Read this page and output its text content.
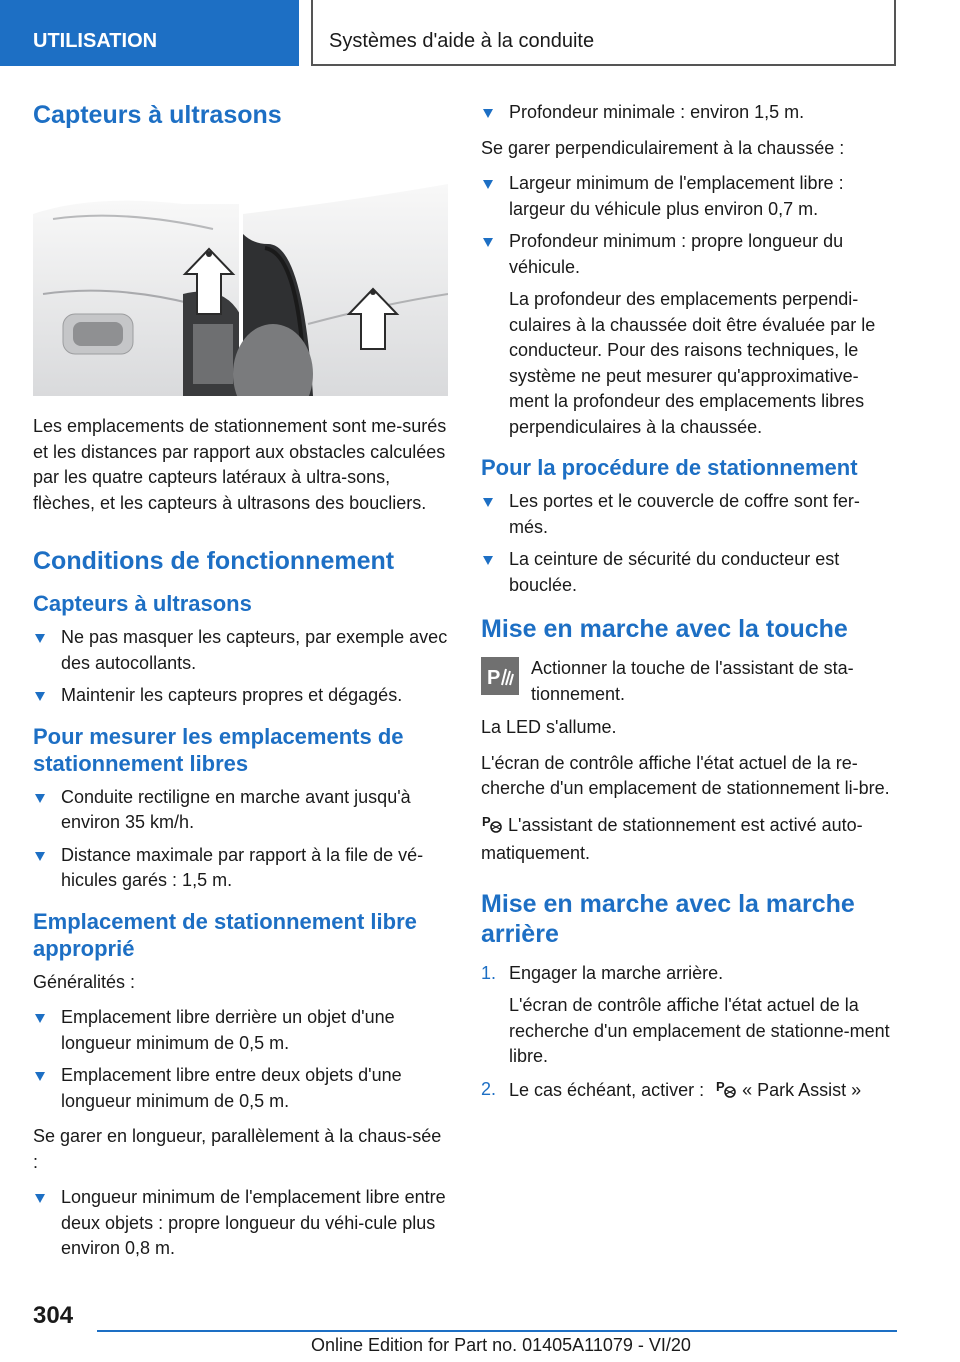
UTILISATION	Systèmes d'aide à la conduite
Capteurs à ultrasons

Les emplacements de stationnement sont me-surés et les distances par rapport aux obstacles calculées par les quatre capteurs latéraux à ultra-sons, flèches, et les capteurs à ultrasons des boucliers.

Conditions de fonctionnement
Capteurs à ultrasons
Ne pas masquer les capteurs, par exemple avec des autocollants.
Maintenir les capteurs propres et dégagés.
Pour mesurer les emplacements de stationnement libres
Conduite rectiligne en marche avant jusqu'à environ 35 km/h.
Distance maximale par rapport à la file de vé-hicules garés : 1,5 m.
Emplacement de stationnement libre approprié

Généralités :

Emplacement libre derrière un objet d'une longueur minimum de 0,5 m.
Emplacement libre entre deux objets d'une longueur minimum de 0,5 m.

Se garer en longueur, parallèlement à la chaus-sée :

Longueur minimum de l'emplacement libre entre deux objets : propre longueur du véhi-cule plus environ 0,8 m.
Profondeur minimale : environ 1,5 m.

Se garer perpendiculairement à la chaussée :

Largeur minimum de l'emplacement libre : largeur du véhicule plus environ 0,7 m.
Profondeur minimum : propre longueur du véhicule.
La profondeur des emplacements perpendi-culaires à la chaussée doit être évaluée par le conducteur. Pour des raisons techniques, le système ne peut mesurer qu'approximative-ment la profondeur des emplacements libres perpendiculaires à la chaussée.
Pour la procédure de stationnement
Les portes et le couvercle de coffre sont fer-més.
La ceinture de sécurité du conducteur est bouclée.
Mise en marche avec la touche
P Actionner la touche de l'assistant de sta-tionnement.

La LED s'allume.

L'écran de contrôle affiche l'état actuel de la re-cherche d'un emplacement de stationnement li-bre.

P L'assistant de stationnement est activé auto-matiquement.

Mise en marche avec la marche arrière
1. Engager la marche arrière.
L'écran de contrôle affiche l'état actuel de la recherche d'un emplacement de stationne-ment libre.
2. Le cas échéant, activer : P « Park Assist »
304
Online Edition for Part no. 01405A11079 - VI/20
